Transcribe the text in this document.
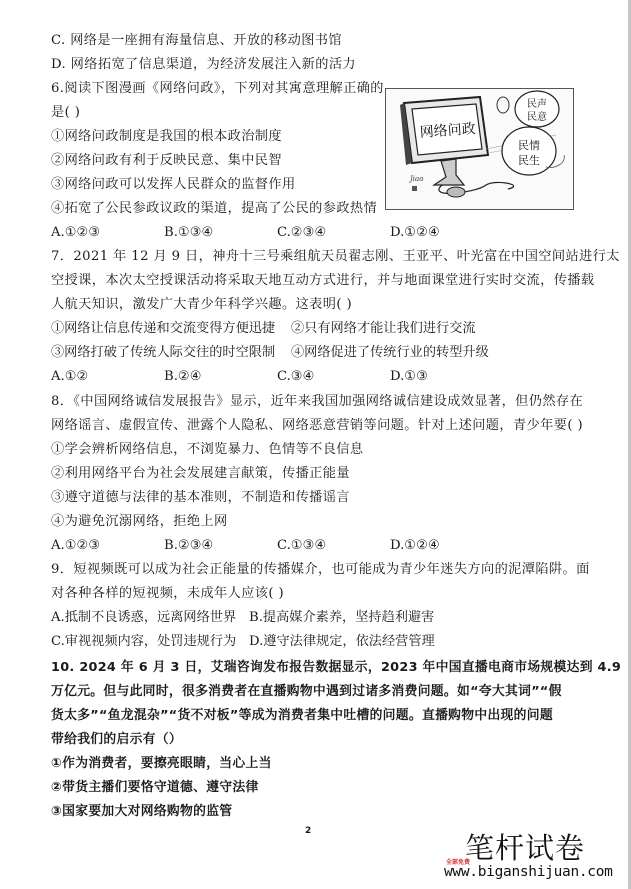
C. 网络是一座拥有海量信息、开放的移动图书馆
D. 网络拓宽了信息渠道，为经济发展注入新的活力
6.阅读下图漫画《网络问政》，下列对其寓意理解正确的
是( )
①网络问政制度是我国的根本政治制度
②网络问政有利于反映民意、集中民智
③网络问政可以发挥人民群众的监督作用
④拓宽了公民参政议政的渠道，提高了公民的参政热情
A.①②③	B.①③④	C.②③④	D.①②④
Jiao
民声
民意
民情
民生
网络问政
7．2021 年 12 月 9 日，神舟十三号乘组航天员翟志刚、王亚平、叶光富在中国空间站进行太
空授课，本次太空授课活动将采取天地互动方式进行，并与地面课堂进行实时交流，传播载
人航天知识，激发广大青少年科学兴趣。这表明( )
①网络让信息传递和交流变得方便迅捷 ②只有网络才能让我们进行交流
③网络打破了传统人际交往的时空限制 ④网络促进了传统行业的转型升级
A.①②	B.②④	C.③④	D.①③
8．《中国网络诚信发展报告》显示，近年来我国加强网络诚信建设成效显著，但仍然存在
网络谣言、虚假宣传、泄露个人隐私、网络恶意营销等问题。针对上述问题，青少年要( )
①学会辨析网络信息，不浏览暴力、色情等不良信息
②利用网络平台为社会发展建言献策，传播正能量
③遵守道德与法律的基本准则，不制造和传播谣言
④为避免沉溺网络，拒绝上网
A.①②③	B.②③④	C.①③④	D.①②④
9．短视频既可以成为社会正能量的传播媒介，也可能成为青少年迷失方向的泥潭陷阱。面
对各种各样的短视频，未成年人应该( )
A.抵制不良诱惑，远离网络世界 B.提高媒介素养，坚持趋利避害
C.审视视频内容，处罚违规行为 D.遵守法律规定，依法经营管理
10. 2024 年 6 月 3 日，艾瑞咨询发布报告数据显示，2023 年中国直播电商市场规模达到 4.9
万亿元。但与此同时，很多消费者在直播购物中遇到过诸多消费问题。如“夸大其词”“假
货太多”“鱼龙混杂”“货不对板”等成为消费者集中吐槽的问题。直播购物中出现的问题
带给我们的启示有（）
①作为消费者，要擦亮眼睛，当心上当
②带货主播们要恪守道德、遵守法律
③国家要加大对网络购物的监管
2	笔杆试卷
全部免费
www.biganshijuan.com
